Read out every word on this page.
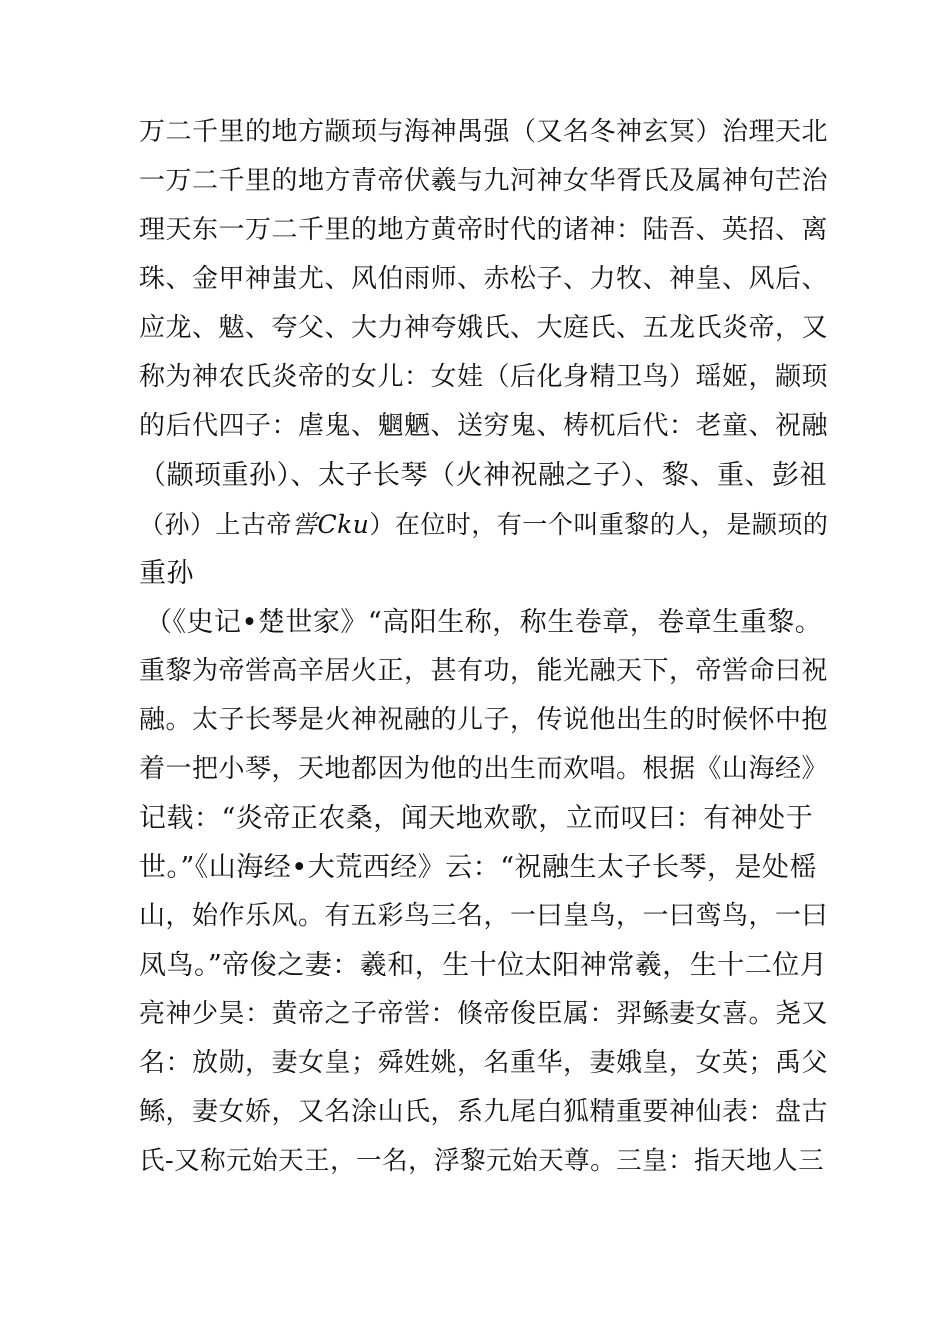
万二千里的地方颛顼与海神禺强（又名冬神玄冥）治理天北
一万二千里的地方青帝伏羲与九河神女华胥氏及属神句芒治
理天东一万二千里的地方黄帝时代的诸神：陆吾、英招、离
珠、金甲神蚩尤、风伯雨师、赤松子、力牧、神皇、风后、
应龙、魃、夸父、大力神夸娥氏、大庭氏、五龙氏炎帝，又
称为神农氏炎帝的女儿：女娃（后化身精卫鸟）瑶姬，颛顼
的后代四子：虐鬼、魍魉、送穷鬼、梼杌后代：老童、祝融
（颛顼重孙）、太子长琴（火神祝融之子）、黎、重、彭祖
（孙）上古帝喾Cku）在位时，有一个叫重黎的人，是颛顼的
重孙
（《史记•楚世家》“高阳生称，称生卷章，卷章生重黎。
重黎为帝喾高辛居火正，甚有功，能光融天下，帝喾命曰祝
融。太子长琴是火神祝融的儿子，传说他出生的时候怀中抱
着一把小琴，天地都因为他的出生而欢唱。根据《山海经》
记载：“炎帝正农桑，闻天地欢歌，立而叹曰：有神处于
世。”《山海经•大荒西经》云：“祝融生太子长琴，是处榣
山，始作乐风。有五彩鸟三名，一曰皇鸟，一曰鸾鸟，一曰
凤鸟。”帝俊之妻：羲和，生十位太阳神常羲，生十二位月
亮神少昊：黄帝之子帝喾：倏帝俊臣属：羿鲧妻女喜。尧又
名：放勋，妻女皇；舜姓姚，名重华，妻娥皇，女英；禹父
鲧，妻女娇，又名涂山氏，系九尾白狐精重要神仙表：盘古
氏-又称元始天王，一名，浮黎元始天尊。三皇：指天地人三
